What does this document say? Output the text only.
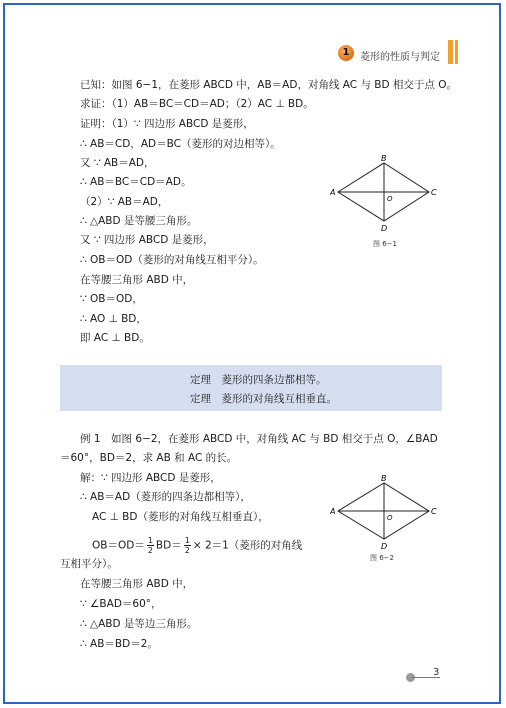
1	菱形的性质与判定
已知：如图 6−1，在菱形 ABCD 中，AB＝AD，对角线 AC 与 BD 相交于点 O。
求证：（1）AB＝BC＝CD＝AD；（2）AC ⊥ BD。
证明：（1）∵ 四边形 ABCD 是菱形，
∴ AB＝CD，AD＝BC（菱形的对边相等）。
又 ∵ AB＝AD，
∴ AB＝BC＝CD＝AD。
（2）∵ AB＝AD，
∴ △ABD 是等腰三角形。
又 ∵ 四边形 ABCD 是菱形，
∴ OB＝OD（菱形的对角线互相平分）。
在等腰三角形 ABD 中，
∵ OB＝OD，
∴ AO ⊥ BD，
即 AC ⊥ BD。
A
B
C
D
O
图 6−1
定理　菱形的四条边都相等。
定理　菱形的对角线互相垂直。
例 1　如图 6−2，在菱形 ABCD 中，对角线 AC 与 BD 相交于点 O，∠BAD
＝60°，BD＝2，求 AB 和 AC 的长。
解：∵ 四边形 ABCD 是菱形，
∴ AB＝AD（菱形的四条边都相等），
AC ⊥ BD（菱形的对角线互相垂直），
$OB=OD= \frac{1}{2} BD= \frac{1}{2} \times 2=1$（菱形的对角线
互相平分）。
在等腰三角形 ABD 中，
∵ ∠BAD＝60°，
∴ △ABD 是等边三角形。
∴ AB＝BD＝2。
A
B
C
D
O
图 6−2
3
